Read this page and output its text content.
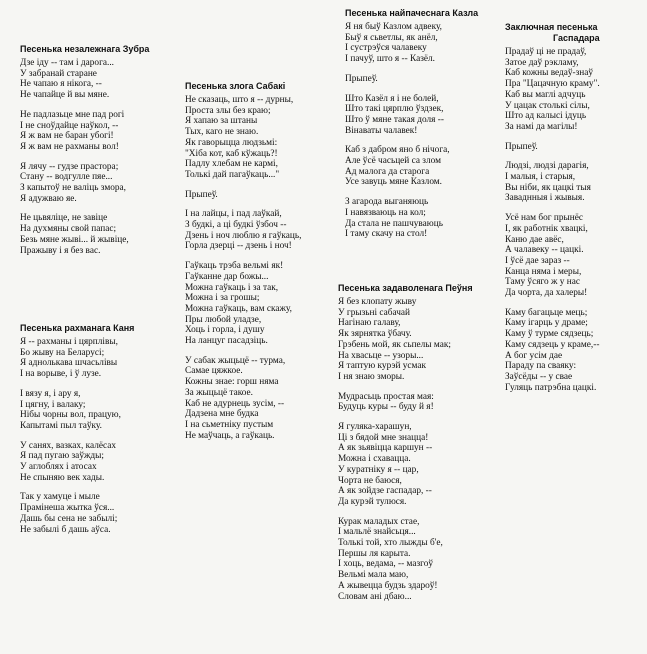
Песенька незалежнага Зубра
Дзе іду -- там і дарога...
У забранай старане
Не чапаю я нікога, --
Не чапайце й вы мяне.
Не падлазьце мне пад рогі
І не сноўдайце наўкол, --
Я ж вам не баран убогі!
Я ж вам не рахманы вол!
Я лячу -- гудзе прастора;
Стану -- водгулле пяе...
З капытоў не валіць змора,
Я адужваю яе.
Не цьвяліце, не завіце
На духмяны свой папас;
Безь мяне жыві... й жывіце,
Пражыву і я без вас.
Песенька рахманага Каня
Я -- рахманы і цярплівы,
Бо жыву на Беларусі;
Я аднолькава шчасьлівы
І на ворыве, і ў лузе.
І вязу я, і ару я,
І цягну, і валаку;
Нібы чорны вол, працую,
Капытамі пыл таўку.
У санях, вазках, калёсах
Я пад пугаю заўжды;
У аглоблях і атосах
Не спыняю век хады.
Так у хамуце і мыле
Прамінеша жытка ўся...
Дашь бы сена не забылі;
Не забылі б дашь аўса.
Песенька злога Сабакі
Не сказаць, што я -- дурны,
Проста злы без краю;
Я хапаю за штаны
Тых, каго не знаю.
Як гаворыцца людзьмі:
"Хіба кот, каб кўжаць?!
Падлу хлебам не кармі,
Толькі дай пагаўкаць..."
Прыпеў.
І на лайцы, і пад лаўкай,
З будкі, а ці будкі ўзбоч --
Дзень і ноч люблю я гаўкаць,
Горла дзерці -- дзень і ноч!
Гаўкаць трэба вельмі як!
Гаўканне дар божы...
Можна гаўкаць і за так,
Можна і за грошы;
Можна гаўкаць, вам скажу,
Пры любой уладзе,
Хоць і горла, і душу
На ланцуг пасадзіць.
У сабак жыцьцё -- турма,
Самае цяжкое.
Кожны знае: горш няма
За жыцьцё такое.
Каб не адурнець зусім, --
Дадзена мне будка
І на сьметніку пустым
Не маўчаць, а гаўкаць.
Песенька найпачеснага Казла
Я ня быў Казлом адвеку,
Быў я сьветлы, як анёл,
І сустрэўся чалавеку
І пачуў, што я -- Казёл.
Прыпеў.
Што Казёл я і не болей,
Што такі цярплю ўздзек,
Што ў мяне такая доля --
Вінаваты чалавек!
Каб з дабром яно б нічога,
Але ўсё часьцей са злом
Ад малога да старога
Усе завуць мяне Казлом.
З агарода выганяюць
І навязваюць на кол;
Да стала не пашчуваюць
І таму скачу на стол!
Песенька задаволенага Пеўня
Я без клопату жыву
У грызьні сабачай
Нагінаю галаву,
Як зярнятка ўбачу.
Грэбень мой, як сьпелы мак;
На хвасьце -- узоры...
Я таптую курэй усмак
І ня знаю зморы.
Мудрасьць простая мая:
Будуць куры -- буду й я!
Я гуляка-харашун,
Ці з бядой мне знацца!
А як зьявіцца каршун --
Можна і схавацца.
У куратніку я -- цар,
Чорта не баюся,
А як зойдзе гаспадар, --
Да курэй тулюся.
Курак маладых стае,
І мальлё знайсьця...
Толькі той, хто лыжды б'е,
Першы ля карыта.
І хоць, ведама, -- мазгоў
Вельмі мала маю,
А жывецца будзь здароў!
Словам ані дбаю...
Заключная песенька
Гаспадара
Прадаў ці не прадаў,
Затое даў рэкламу,
Каб кожны ведаў-знаў
Пра "Цацачную краму".
Каб вы маглі адчуць
У цацак столькі сілы,
Што ад калысі ідуць
За намі да магілы!
Прыпеў.
Людзі, людзі дарагія,
І малыя, і старыя,
Вы ніби, як цацкі тыя
Заваднныя і жывыя.
Усё нам бог прынёс
І, як работнік хвацкі,
Каню дае авёс,
А чалавеку -- цацкі.
І ўсё дае зараз --
Канца няма і меры,
Таму ўсяго ж у нас
Да чорта, да халеры!
Каму багацьце мець;
Каму ігарць у драме;
Каму ў турме сядзець;
Каму сядзець у краме,--
А бог усім дае
Параду па сваяку:
Заўсёды -- у свае
Гуляць патрэбна цацкі.
